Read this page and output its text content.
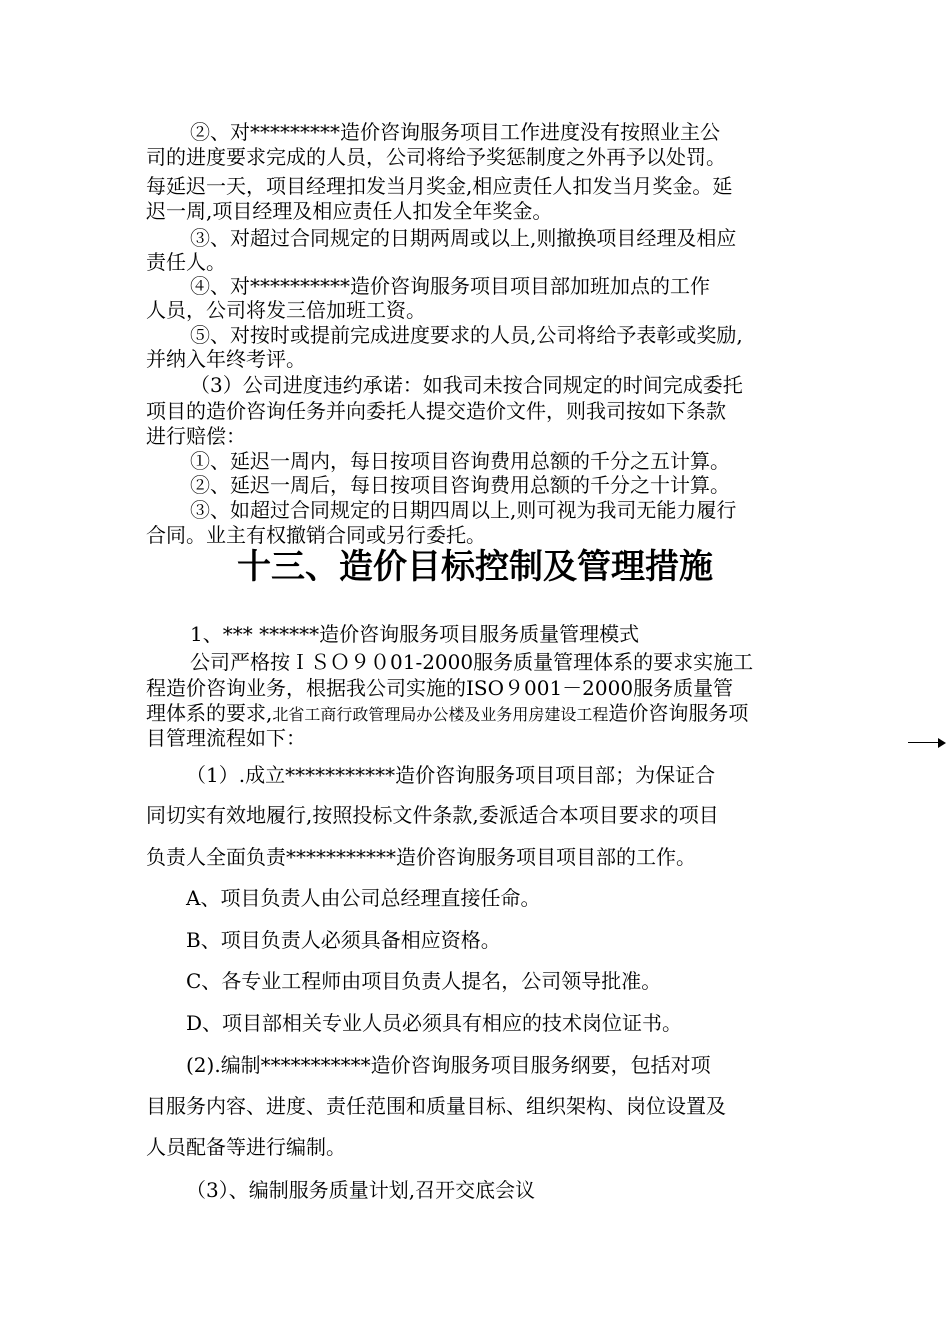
②、对*********造价咨询服务项目工作进度没有按照业主公
司的进度要求完成的人员，公司将给予奖惩制度之外再予以处罚。
每延迟一天，项目经理扣发当月奖金,相应责任人扣发当月奖金。延
迟一周,项目经理及相应责任人扣发全年奖金。
③、对超过合同规定的日期两周或以上,则撤换项目经理及相应
责任人。
④、对**********造价咨询服务项目项目部加班加点的工作
人员，公司将发三倍加班工资。
⑤、对按时或提前完成进度要求的人员,公司将给予表彰或奖励,
并纳入年终考评。
（3）公司进度违约承诺：如我司未按合同规定的时间完成委托
项目的造价咨询任务并向委托人提交造价文件，则我司按如下条款
进行赔偿：
①、延迟一周内，每日按项目咨询费用总额的千分之五计算。
②、延迟一周后，每日按项目咨询费用总额的千分之十计算。
③、如超过合同规定的日期四周以上,则可视为我司无能力履行
合同。业主有权撤销合同或另行委托。
十三、造价目标控制及管理措施
1、*** ******造价咨询服务项目服务质量管理模式
公司严格按ＩＳＯ９０01-2000服务质量管理体系的要求实施工
程造价咨询业务，根据我公司实施的ISO９001－2000服务质量管
理体系的要求,北省工商行政管理局办公楼及业务用房建设工程造价咨询服务项
目管理流程如下：
（1）.成立***********造价咨询服务项目项目部；为保证合
同切实有效地履行,按照投标文件条款,委派适合本项目要求的项目
负责人全面负责***********造价咨询服务项目项目部的工作。
A、项目负责人由公司总经理直接任命。
B、项目负责人必须具备相应资格。
C、各专业工程师由项目负责人提名，公司领导批准。
D、项目部相关专业人员必须具有相应的技术岗位证书。
(2).编制***********造价咨询服务项目服务纲要，包括对项
目服务内容、进度、责任范围和质量目标、组织架构、岗位设置及
人员配备等进行编制。
（3）、编制服务质量计划,召开交底会议
